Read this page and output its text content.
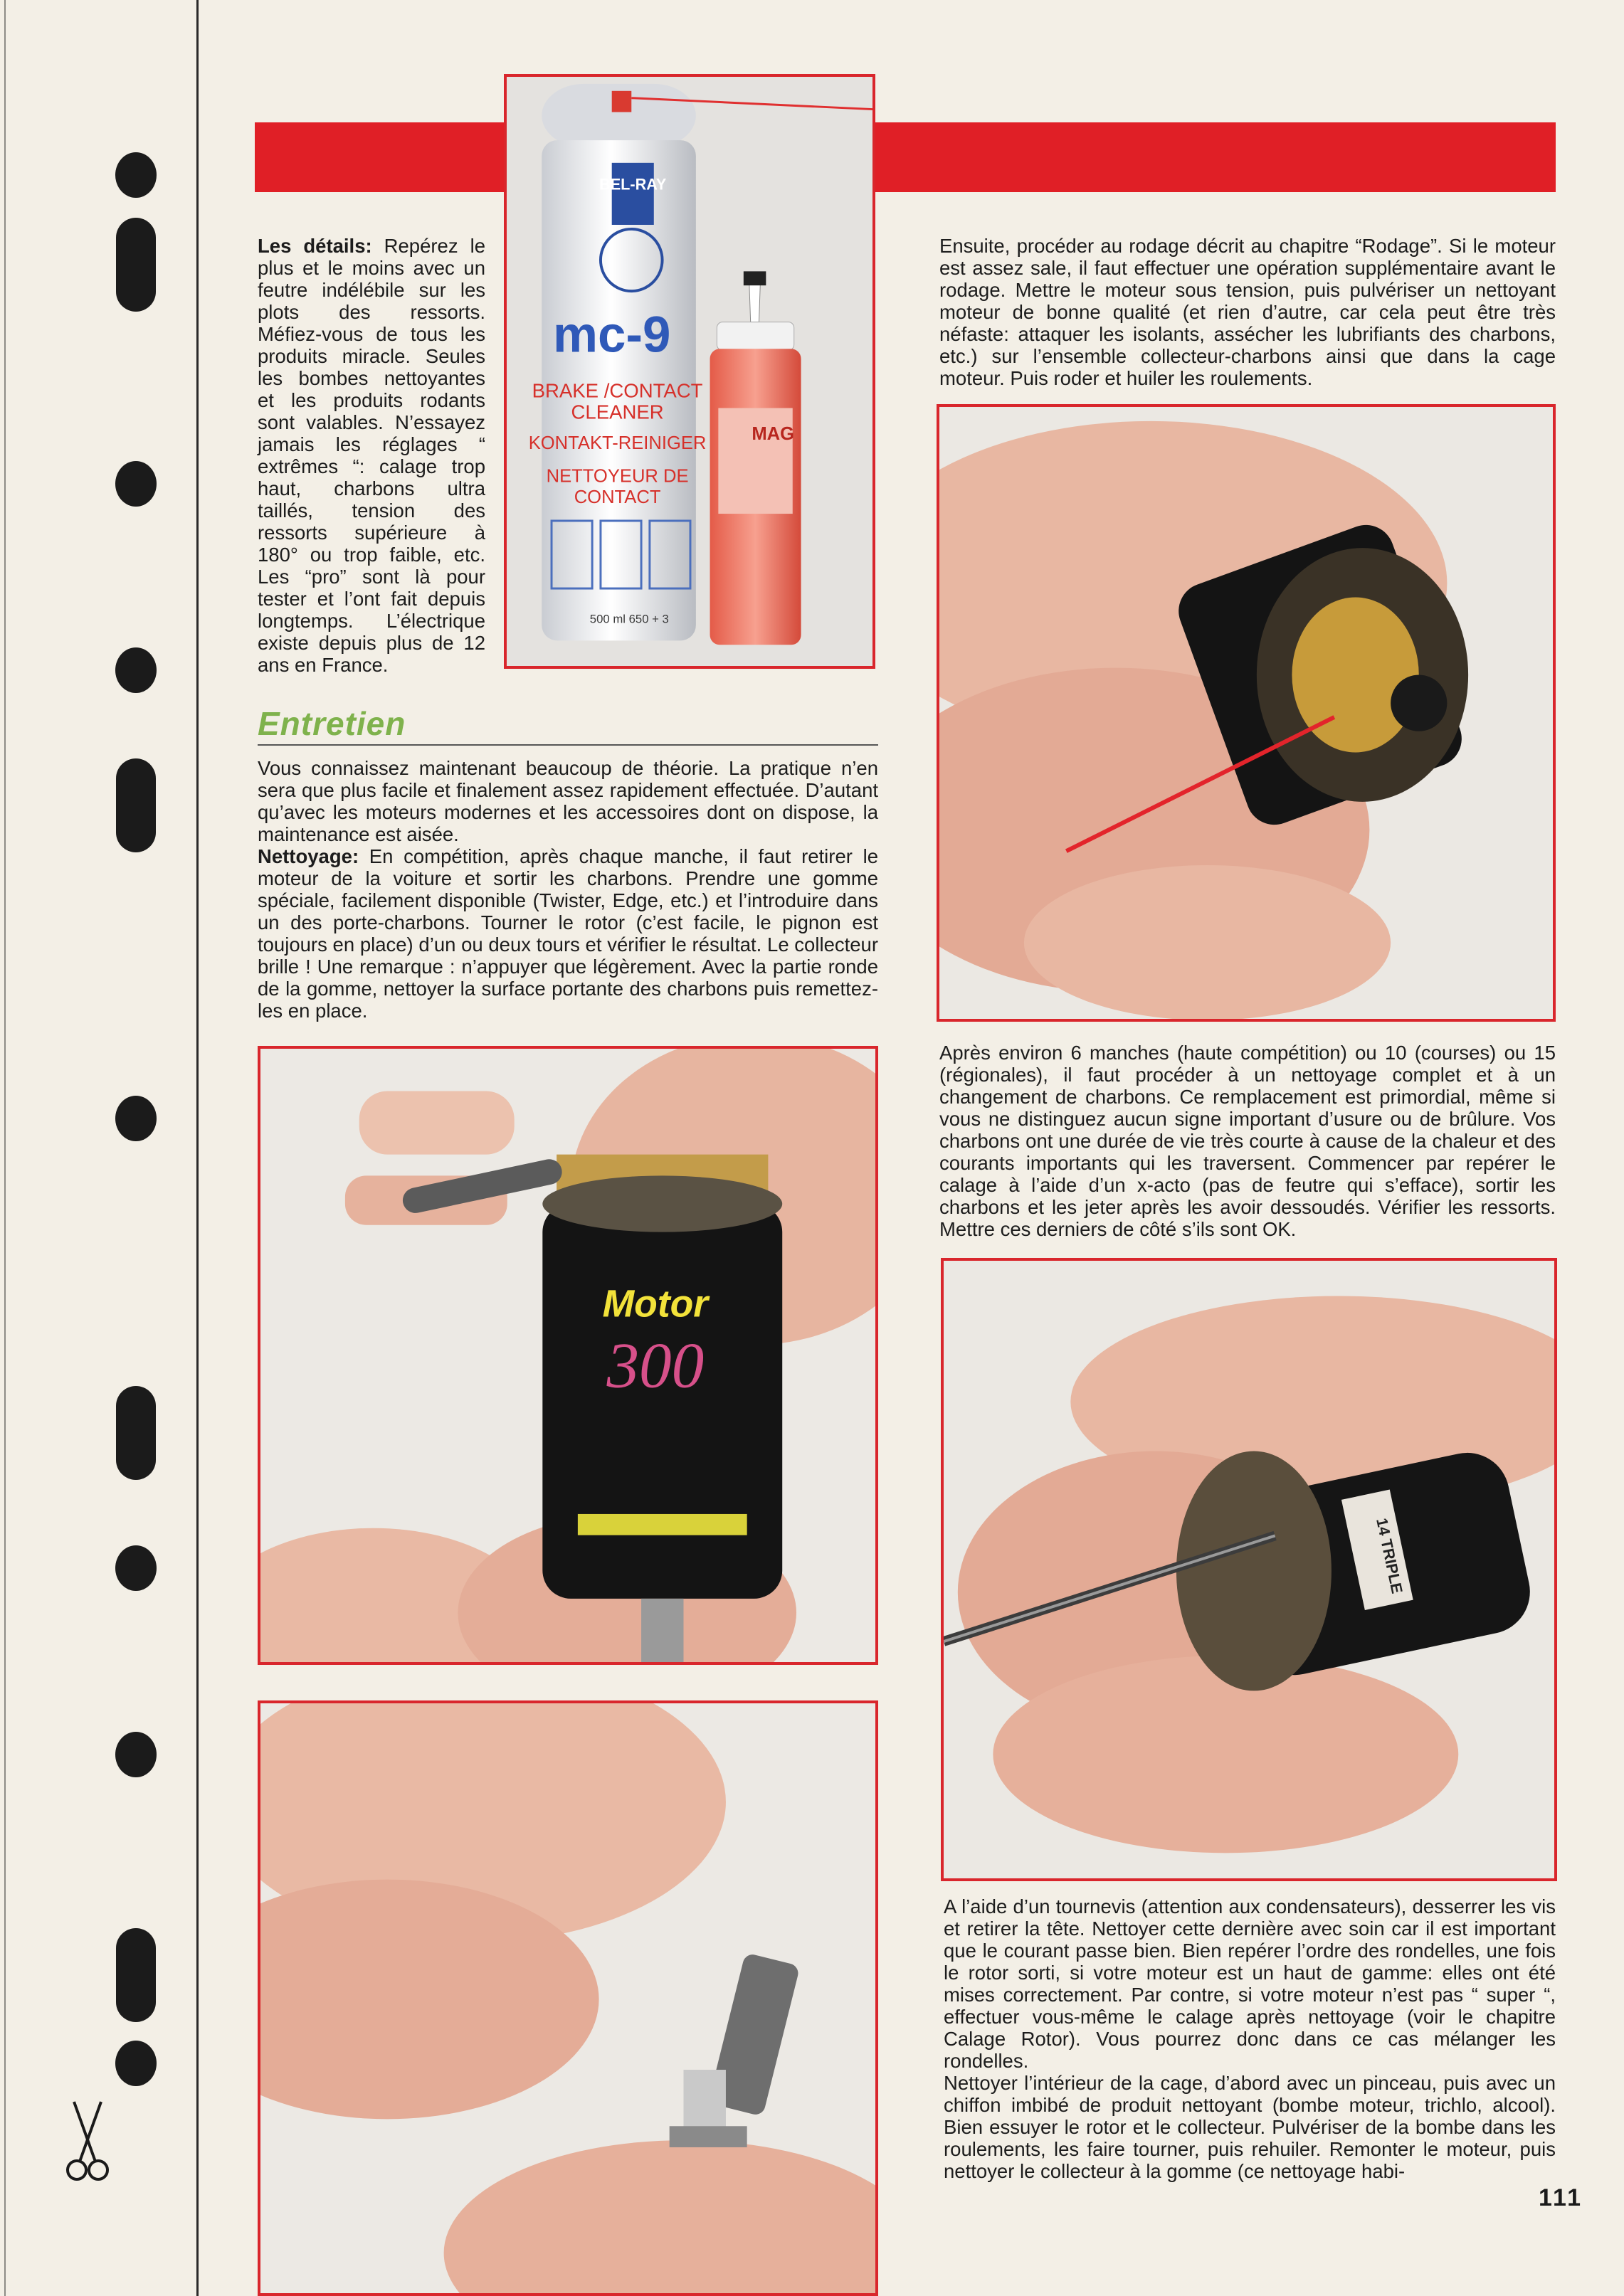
BEL-RAY
mc-9
BRAKE /CONTACT
CLEANER
KONTAKT-REINIGER
NETTOYEUR DE
CONTACT
500 ml 650 + 3
MAG

Les détails: Repérez le plus et le moins avec un feutre indélébile sur les plots des ressorts. Méfiez-vous de tous les produits miracle. Seules les bombes nettoyantes et les produits rodants sont valables. N’essayez jamais les réglages “ extrêmes “: calage trop haut, charbons ultra taillés, tension des ressorts supérieure à 180° ou trop faible, etc. Les “pro” sont là pour tester et l’ont fait depuis longtemps. L’électrique existe depuis plus de 12 ans en France.

Entretien

Vous connaissez maintenant beaucoup de théorie. La pratique n’en sera que plus facile et finalement assez rapidement effectuée. D’autant qu’avec les moteurs modernes et les accessoires dont on dispose, la maintenance est aisée.

Nettoyage: En compétition, après chaque manche, il faut retirer le moteur de la voiture et sortir les charbons. Prendre une gomme spéciale, facilement disponible (Twister, Edge, etc.) et l’introduire dans un des porte-charbons. Tourner le rotor (c’est facile, le pignon est toujours en place) d’un ou deux tours et vérifier le résultat. Le collecteur brille ! Une remarque : n’appuyer que légèrement. Avec la partie ronde de la gomme, nettoyer la surface portante des charbons puis remettez-les en place.

Motor
300

Ensuite, procéder au rodage décrit au chapitre “Rodage”. Si le moteur est assez sale, il faut effectuer une opération supplémentaire avant le rodage. Mettre le moteur sous tension, puis pulvériser un nettoyant moteur de bonne qualité (et rien d’autre, car cela peut être très néfaste: attaquer les isolants, assécher les lubrifiants des charbons, etc.) sur l’ensemble collecteur-charbons ainsi que dans la cage moteur. Puis roder et huiler les roulements.

Après environ 6 manches (haute compétition) ou 10 (courses) ou 15 (régionales), il faut procéder à un nettoyage complet et à un changement de charbons. Ce remplacement est primordial, même si vous ne distinguez aucun signe important d’usure ou de brûlure. Vos charbons ont une durée de vie très courte à cause de la chaleur et des courants importants qui les traversent. Commencer par repérer le calage à l’aide d’un x-acto (pas de feutre qui s’efface), sortir les charbons et les jeter après les avoir dessoudés. Vérifier les ressorts. Mettre ces derniers de côté s’ils sont OK.

14 TRIPLE

A l’aide d’un tournevis (attention aux condensateurs), desserrer les vis et retirer la tête. Nettoyer cette dernière avec soin car il est important que le courant passe bien. Bien repérer l’ordre des rondelles, une fois le rotor sorti, si votre moteur est un haut de gamme: elles ont été mises correctement. Par contre, si votre moteur n’est pas “ super “, effectuer vous-même le calage après nettoyage (voir le chapitre Calage Rotor). Vous pourrez donc dans ce cas mélanger les rondelles.

Nettoyer l’intérieur de la cage, d’abord avec un pinceau, puis avec un chiffon imbibé de produit nettoyant (bombe moteur, trichlo, alcool). Bien essuyer le rotor et le collecteur. Pulvériser de la bombe dans les roulements, les faire tourner, puis rehuiler. Remonter le moteur, puis nettoyer le collecteur à la gomme (ce nettoyage habi-

111
